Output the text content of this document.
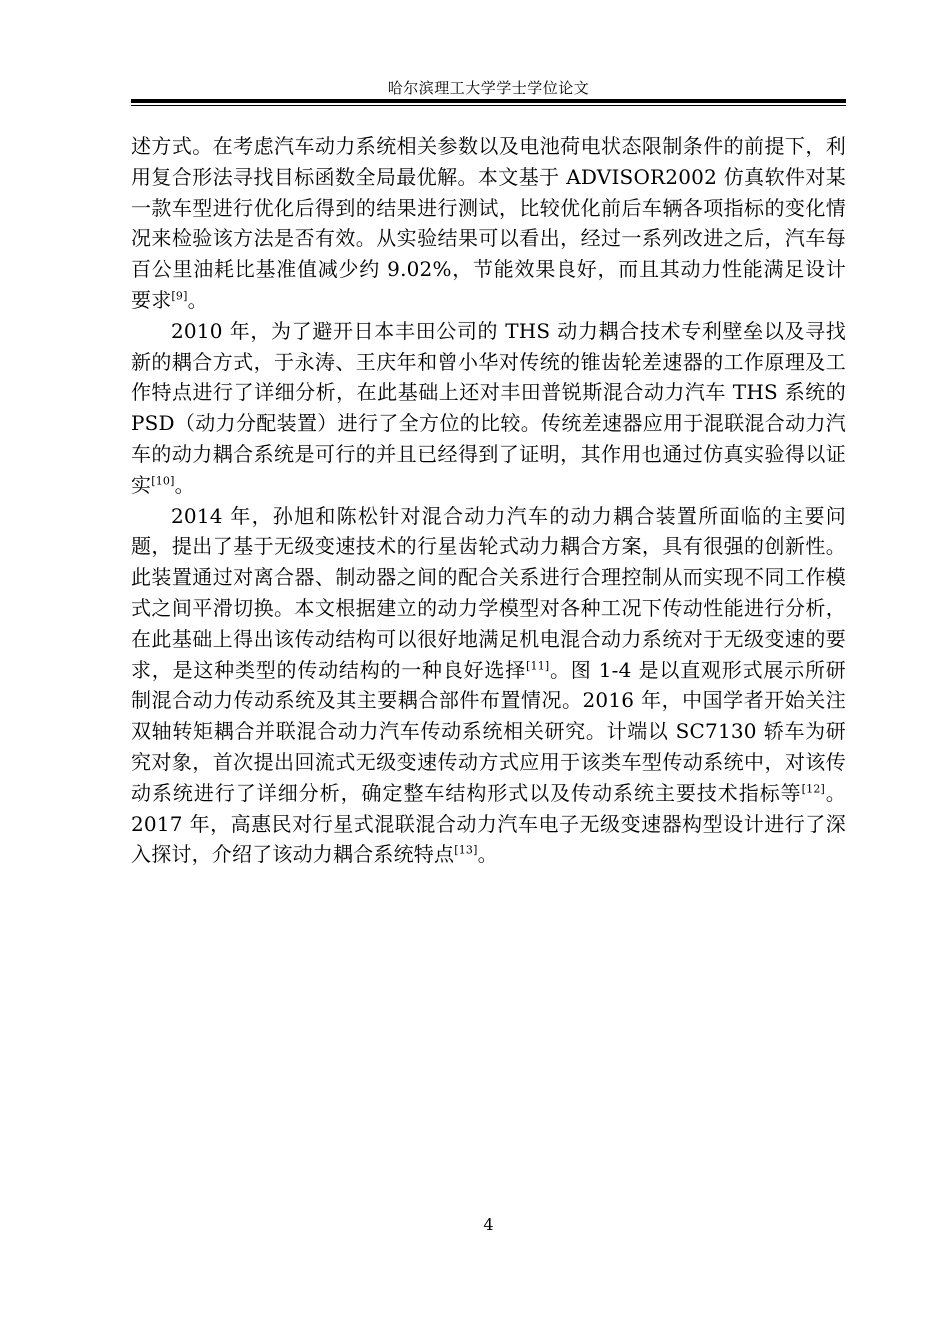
哈尔滨理工大学学士学位论文

述方式。在考虑汽车动力系统相关参数以及电池荷电状态限制条件的前提下，利用复合形法寻找目标函数全局最优解。本文基于 ADVISOR2002 仿真软件对某一款车型进行优化后得到的结果进行测试，比较优化前后车辆各项指标的变化情况来检验该方法是否有效。从实验结果可以看出，经过一系列改进之后，汽车每百公里油耗比基准值减少约 9.02%，节能效果良好，而且其动力性能满足设计要求[9]。

2010 年，为了避开日本丰田公司的 THS 动力耦合技术专利壁垒以及寻找新的耦合方式，于永涛、王庆年和曾小华对传统的锥齿轮差速器的工作原理及工作特点进行了详细分析，在此基础上还对丰田普锐斯混合动力汽车 THS 系统的 PSD（动力分配装置）进行了全方位的比较。传统差速器应用于混联混合动力汽车的动力耦合系统是可行的并且已经得到了证明，其作用也通过仿真实验得以证实[10]。

2014 年，孙旭和陈松针对混合动力汽车的动力耦合装置所面临的主要问题，提出了基于无级变速技术的行星齿轮式动力耦合方案，具有很强的创新性。此装置通过对离合器、制动器之间的配合关系进行合理控制从而实现不同工作模式之间平滑切换。本文根据建立的动力学模型对各种工况下传动性能进行分析，在此基础上得出该传动结构可以很好地满足机电混合动力系统对于无级变速的要求，是这种类型的传动结构的一种良好选择[11]。图 1-4 是以直观形式展示所研制混合动力传动系统及其主要耦合部件布置情况。2016 年，中国学者开始关注双轴转矩耦合并联混合动力汽车传动系统相关研究。计端以 SC7130 轿车为研究对象，首次提出回流式无级变速传动方式应用于该类车型传动系统中，对该传动系统进行了详细分析，确定整车结构形式以及传动系统主要技术指标等[12]。2017 年，高惠民对行星式混联混合动力汽车电子无级变速器构型设计进行了深入探讨，介绍了该动力耦合系统特点[13]。

4
